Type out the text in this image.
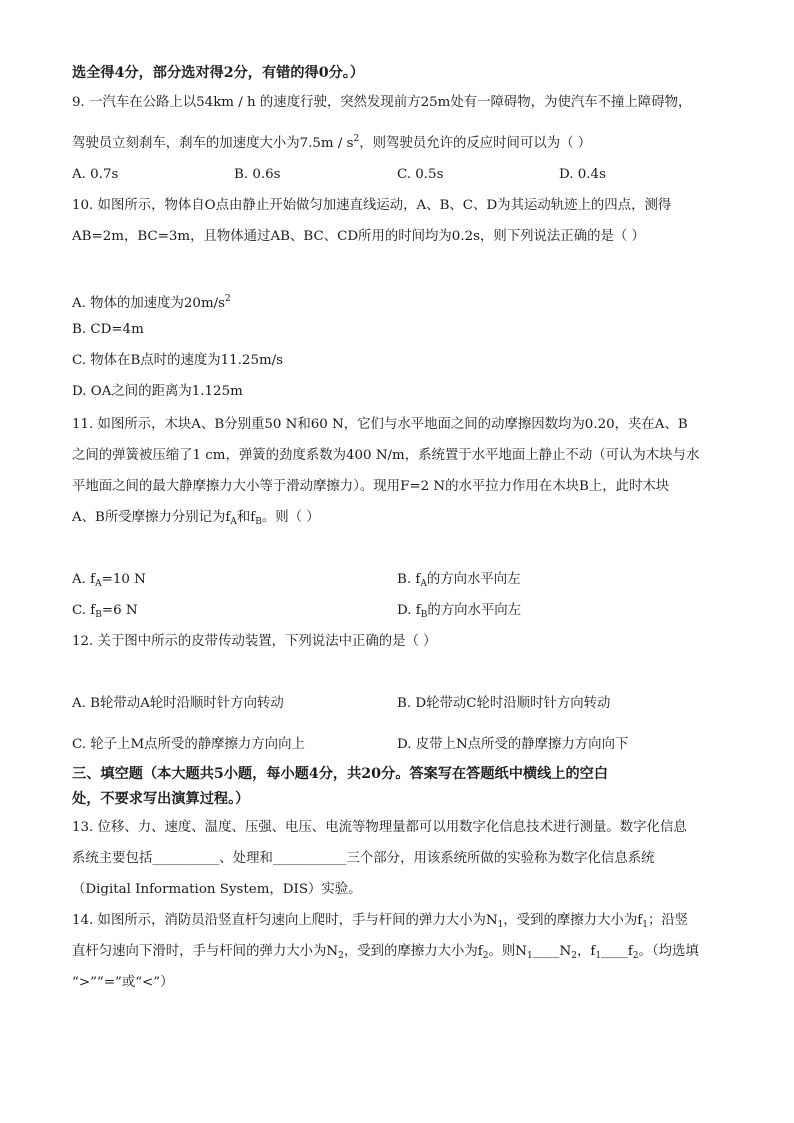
选全得4分，部分选对得2分，有错的得0分。）
9. 一汽车在公路上以54km / h 的速度行驶，突然发现前方25m处有一障碍物，为使汽车不撞上障碍物，
驾驶员立刻刹车，刹车的加速度大小为$7.5m / s^2$，则驾驶员允许的反应时间可以为（ ）
A. 0.7s	B. 0.6s	C. 0.5s	D. 0.4s
10. 如图所示，物体自O点由静止开始做匀加速直线运动，A、B、C、D为其运动轨迹上的四点，测得
AB=2m，BC=3m，且物体通过AB、BC、CD所用的时间均为0.2s，则下列说法正确的是（ ）
A. 物体的加速度为$20m/s^2$
B. CD=4m
C. 物体在B点时的速度为11.25m/s
D. OA之间的距离为1.125m
11. 如图所示，木块A、B分别重50 N和60 N，它们与水平地面之间的动摩擦因数均为0.20，夹在A、B
之间的弹簧被压缩了1 cm，弹簧的劲度系数为400 N/m，系统置于水平地面上静止不动（可认为木块与水
平地面之间的最大静摩擦力大小等于滑动摩擦力）。现用F=2 N的水平拉力作用在木块B上，此时木块
A、B所受摩擦力分别记为$f_A$和$f_B$。则（ ）
A. $f_A=10$ N	B. $f_A$的方向水平向左
C. $f_B=6$ N	D. $f_B$的方向水平向左
12. 关于图中所示的皮带传动装置，下列说法中正确的是（ ）
A. B轮带动A轮时沿顺时针方向转动	B. D轮带动C轮时沿顺时针方向转动
C. 轮子上M点所受的静摩擦力方向向上	D. 皮带上N点所受的静摩擦力方向向下
三、填空题（本大题共5小题，每小题4分，共20分。答案写在答题纸中横线上的空白
处，不要求写出演算过程。）
13. 位移、力、速度、温度、压强、电压、电流等物理量都可以用数字化信息技术进行测量。数字化信息
系统主要包括__________、处理和___________三个部分，用该系统所做的实验称为数字化信息系统
（Digital Information System，DIS）实验。
14. 如图所示，消防员沿竖直杆匀速向上爬时，手与杆间的弹力大小为$N_1$，受到的摩擦力大小为$f_1$；沿竖
直杆匀速向下滑时，手与杆间的弹力大小为$N_2$，受到的摩擦力大小为$f_2$。则$N_1\_\_\_\_N_2$，$f_1\_\_\_\_f_2$。（均选填
“>”“=”或“<”）
